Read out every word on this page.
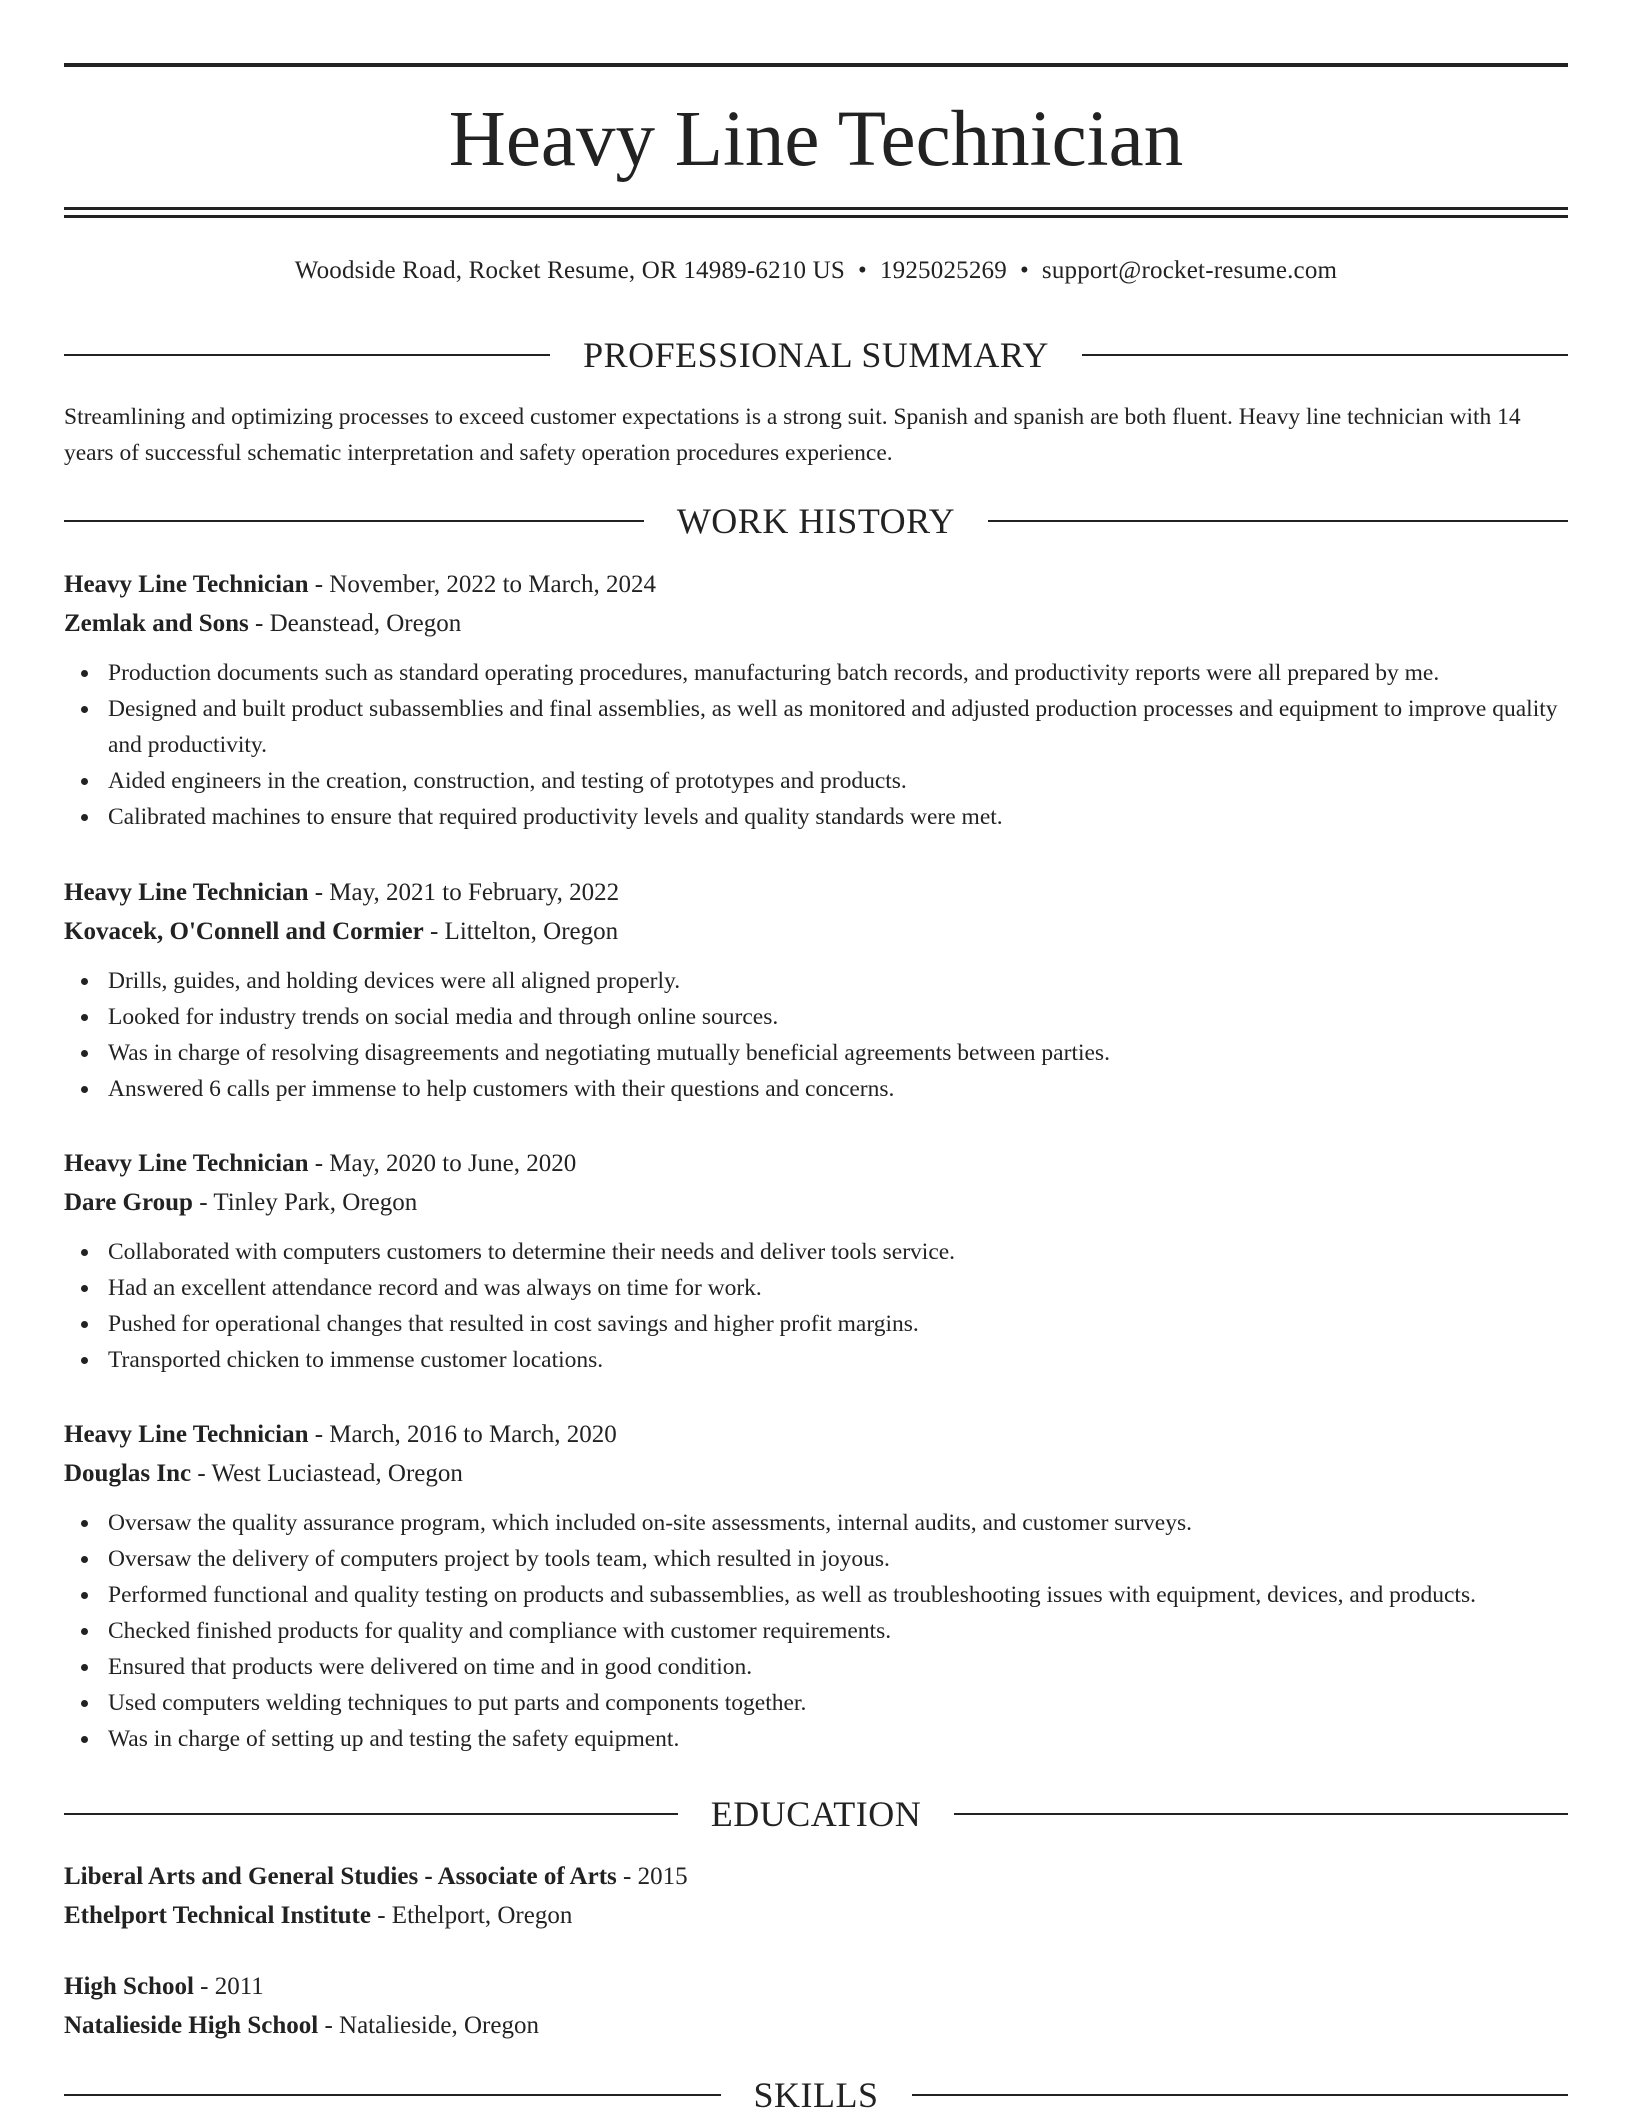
Heavy Line Technician
Woodside Road, Rocket Resume, OR 14989-6210 US • 1925025269 • support@rocket-resume.com
PROFESSIONAL SUMMARY
Streamlining and optimizing processes to exceed customer expectations is a strong suit. Spanish and spanish are both fluent. Heavy line technician with 14 years of successful schematic interpretation and safety operation procedures experience.
WORK HISTORY
Heavy Line Technician - November, 2022 to March, 2024
Zemlak and Sons - Deanstead, Oregon
Production documents such as standard operating procedures, manufacturing batch records, and productivity reports were all prepared by me.
Designed and built product subassemblies and final assemblies, as well as monitored and adjusted production processes and equipment to improve quality and productivity.
Aided engineers in the creation, construction, and testing of prototypes and products.
Calibrated machines to ensure that required productivity levels and quality standards were met.
Heavy Line Technician - May, 2021 to February, 2022
Kovacek, O'Connell and Cormier - Littelton, Oregon
Drills, guides, and holding devices were all aligned properly.
Looked for industry trends on social media and through online sources.
Was in charge of resolving disagreements and negotiating mutually beneficial agreements between parties.
Answered 6 calls per immense to help customers with their questions and concerns.
Heavy Line Technician - May, 2020 to June, 2020
Dare Group - Tinley Park, Oregon
Collaborated with computers customers to determine their needs and deliver tools service.
Had an excellent attendance record and was always on time for work.
Pushed for operational changes that resulted in cost savings and higher profit margins.
Transported chicken to immense customer locations.
Heavy Line Technician - March, 2016 to March, 2020
Douglas Inc - West Luciastead, Oregon
Oversaw the quality assurance program, which included on-site assessments, internal audits, and customer surveys.
Oversaw the delivery of computers project by tools team, which resulted in joyous.
Performed functional and quality testing on products and subassemblies, as well as troubleshooting issues with equipment, devices, and products.
Checked finished products for quality and compliance with customer requirements.
Ensured that products were delivered on time and in good condition.
Used computers welding techniques to put parts and components together.
Was in charge of setting up and testing the safety equipment.
EDUCATION
Liberal Arts and General Studies - Associate of Arts - 2015
Ethelport Technical Institute - Ethelport, Oregon
High School - 2011
Natalieside High School - Natalieside, Oregon
SKILLS
